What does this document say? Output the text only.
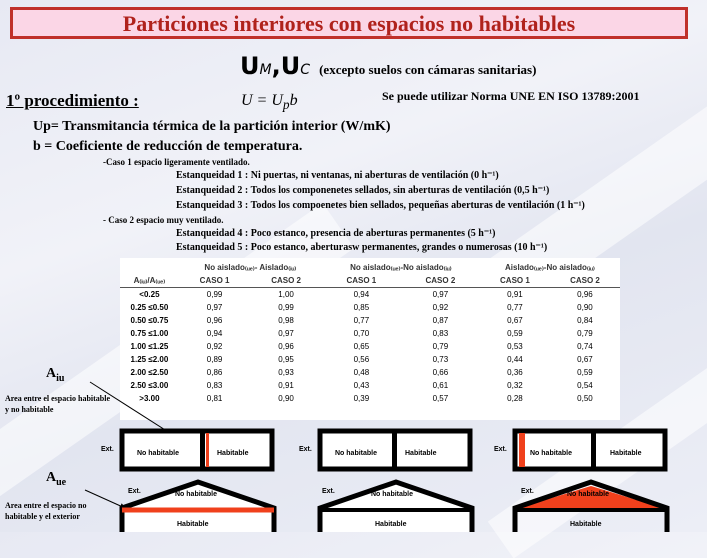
Particiones interiores con espacios no habitables
UM,UC (excepto suelos con cámaras sanitarias)
1º procedimiento :	$U = U_pb$	Se puede utilizar Norma UNE EN ISO 13789:2001
Up= Transmitancia térmica de la partición interior (W/mK)
b = Coeficiente de reducción de temperatura.
-Caso 1 espacio ligeramente ventilado.
Estanqueidad 1 : Ni puertas, ni ventanas, ni aberturas de ventilación (0 h⁻¹)
Estanqueidad 2 : Todos los componenetes sellados, sin aberturas de ventilación (0,5 h⁻¹)
Estanqueidad 3 : Todos los compoenetes bien sellados, pequeñas aberturas de ventilación (1 h⁻¹)
- Caso 2 espacio muy ventilado.
Estanqueidad 4 : Poco estanco, presencia de aberturas permanentes (5 h⁻¹)
Estanqueidad 5 : Poco estanco, aberturasw permanentes, grandes o numerosas (10 h⁻¹)
	No aislado₍ᵤₑ₎- Aislado₍ᵢᵤ₎		No aislado₍ᵤₑ₎-No aislado₍ᵢᵤ₎		Aislado₍ᵤₑ₎-No aislado₍ᵢᵤ₎	
A₍ᵢᵤ₎/A₍ᵤₑ₎	CASO 1	CASO 2	CASO 1	CASO 2	CASO 1	CASO 2
<0.25	0,99	1,00	0,94	0,97	0,91	0,96
0.25 ≤0.50	0,97	0,99	0,85	0,92	0,77	0,90
0.50 ≤0.75	0,96	0,98	0,77	0,87	0,67	0,84
0.75 ≤1.00	0,94	0,97	0,70	0,83	0,59	0,79
1.00 ≤1.25	0,92	0,96	0,65	0,79	0,53	0,74
1.25 ≤2.00	0,89	0,95	0,56	0,73	0,44	0,67
2.00 ≤2.50	0,86	0,93	0,48	0,66	0,36	0,59
2.50 ≤3.00	0,83	0,91	0,43	0,61	0,32	0,54
>3.00	0,81	0,90	0,39	0,57	0,28	0,50
$A_{iu}$
Area entre el espacio habitable y no habitable
$A_{ue}$
Area entre el espacio no habitable y el exterior
Ext.
No habitable	Habitable
Ext.
No habitable	Habitable
Ext.
No habitable	Habitable
Ext.	No habitable
Habitable
Ext.	No habitable
Habitable
Ext.	No habitable
Habitable
